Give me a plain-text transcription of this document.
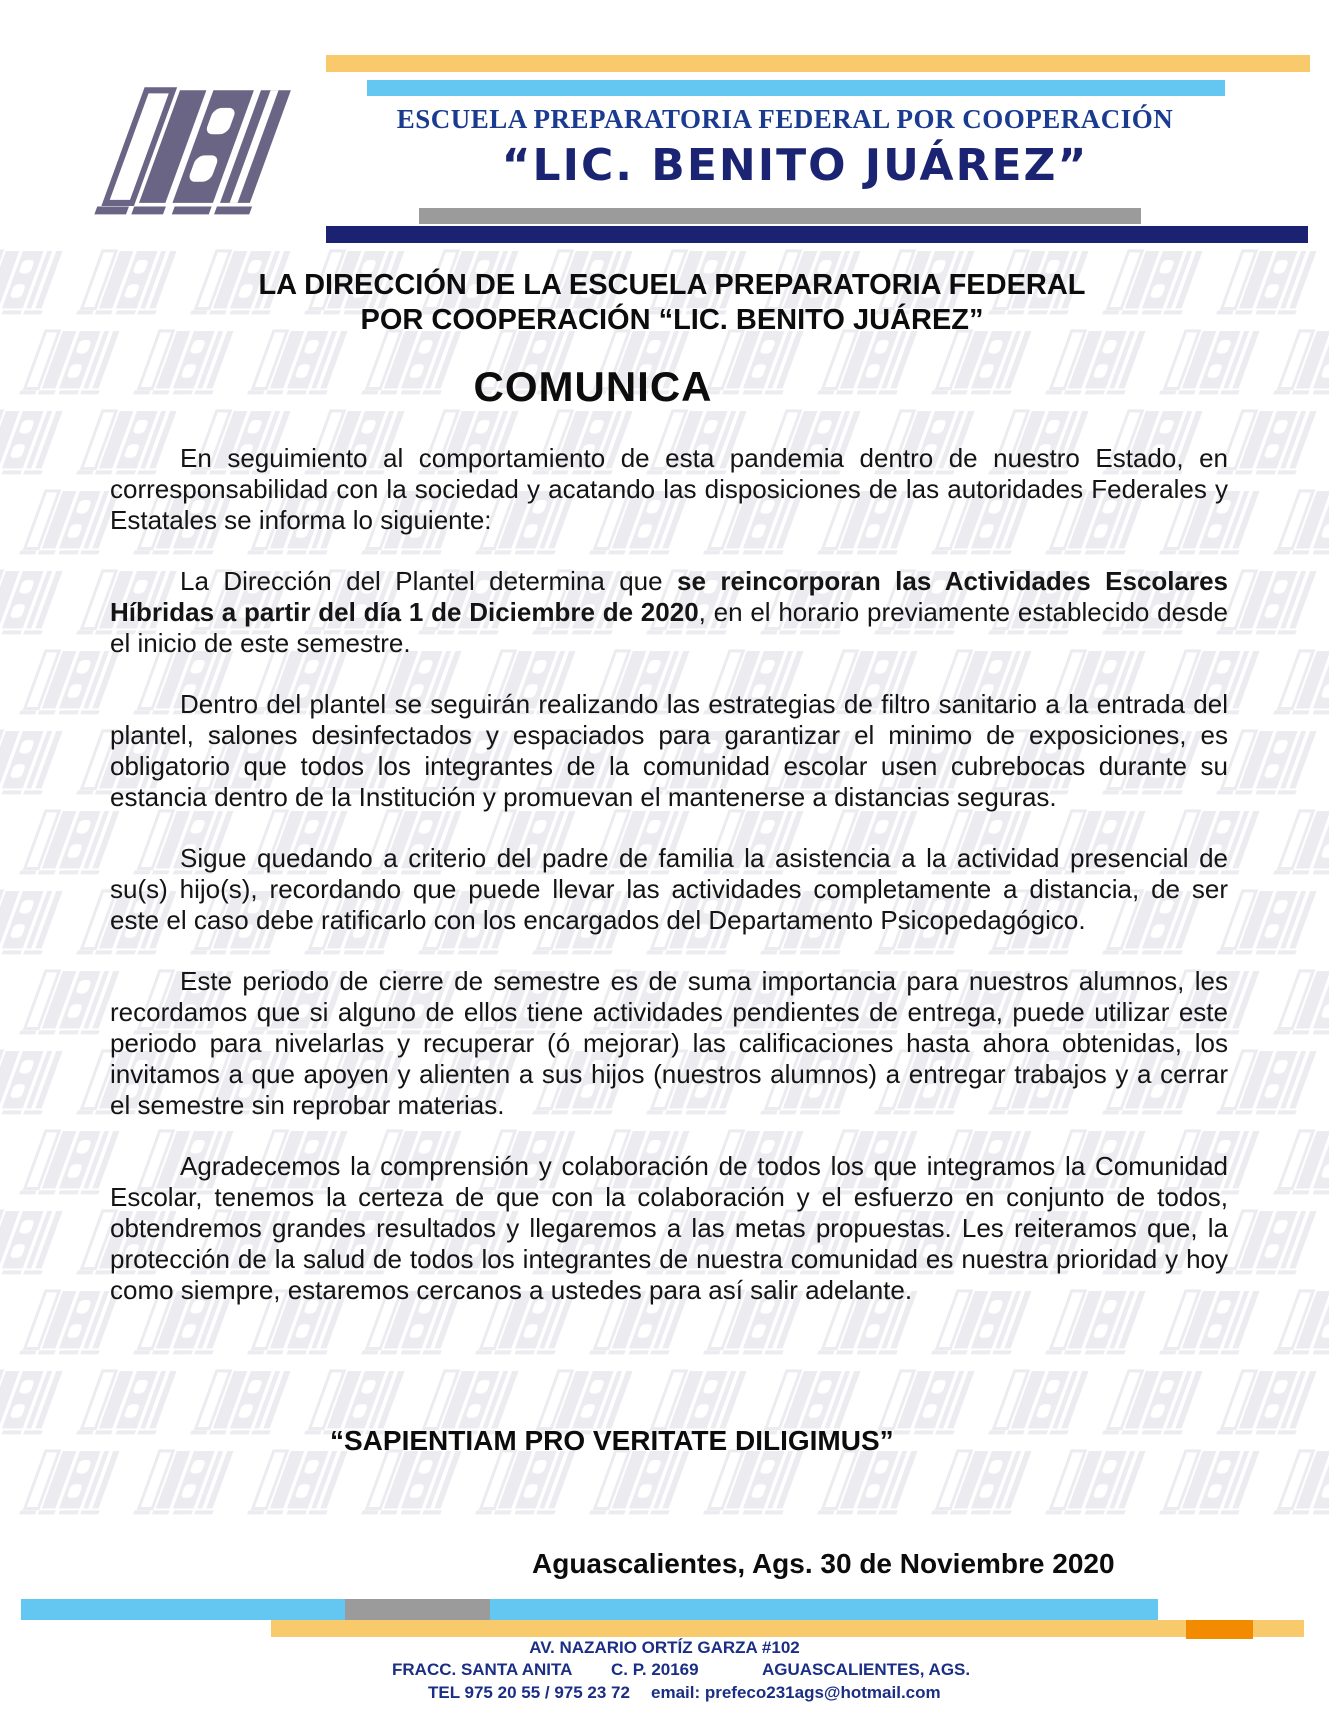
ESCUELA PREPARATORIA FEDERAL POR COOPERACIÓN
“LIC. BENITO JUÁREZ”
LA DIRECCIÓN DE LA ESCUELA PREPARATORIA FEDERAL
POR COOPERACIÓN “LIC. BENITO JUÁREZ”
COMUNICA

En seguimiento al comportamiento de esta pandemia dentro de nuestro Estado, en corresponsabilidad con la sociedad y acatando las disposiciones de las autoridades Federales y Estatales se informa lo siguiente:

La Dirección del Plantel determina que se reincorporan las Actividades Escolares Híbridas a partir del día 1 de Diciembre de 2020, en el horario previamente establecido desde el inicio de este semestre.

Dentro del plantel se seguirán realizando las estrategias de filtro sanitario a la entrada del plantel, salones desinfectados y espaciados para garantizar el minimo de exposiciones, es obligatorio que todos los integrantes de la comunidad escolar usen cubrebocas durante su estancia dentro de la Institución y promuevan el mantenerse a distancias seguras.

Sigue quedando a criterio del padre de familia la asistencia a la actividad presencial de su(s) hijo(s), recordando que puede llevar las actividades completamente a distancia, de ser este el caso debe ratificarlo con los encargados del Departamento Psicopedagógico.

Este periodo de cierre de semestre es de suma importancia para nuestros alumnos, les recordamos que si alguno de ellos tiene actividades pendientes de entrega, puede utilizar este periodo para nivelarlas y recuperar (ó mejorar) las calificaciones hasta ahora obtenidas, los invitamos a que apoyen y alienten a sus hijos (nuestros alumnos) a entregar trabajos y a cerrar el semestre sin reprobar materias.

Agradecemos la comprensión y colaboración de todos los que integramos la Comunidad Escolar, tenemos la certeza de que con la colaboración y el esfuerzo en conjunto de todos, obtendremos grandes resultados y llegaremos a las metas propuestas. Les reiteramos que, la protección de la salud de todos los integrantes de nuestra comunidad es nuestra prioridad y hoy como siempre, estaremos cercanos a ustedes para así salir adelante.

“SAPIENTIAM PRO VERITATE DILIGIMUS”
Aguascalientes, Ags. 30 de Noviembre 2020
AV. NAZARIO ORTÍZ GARZA #102
FRACC. SANTA ANITA C. P. 20169	AGUASCALIENTES, AGS.
TEL 975 20 55 / 975 23 72 email: prefeco231ags@hotmail.com
